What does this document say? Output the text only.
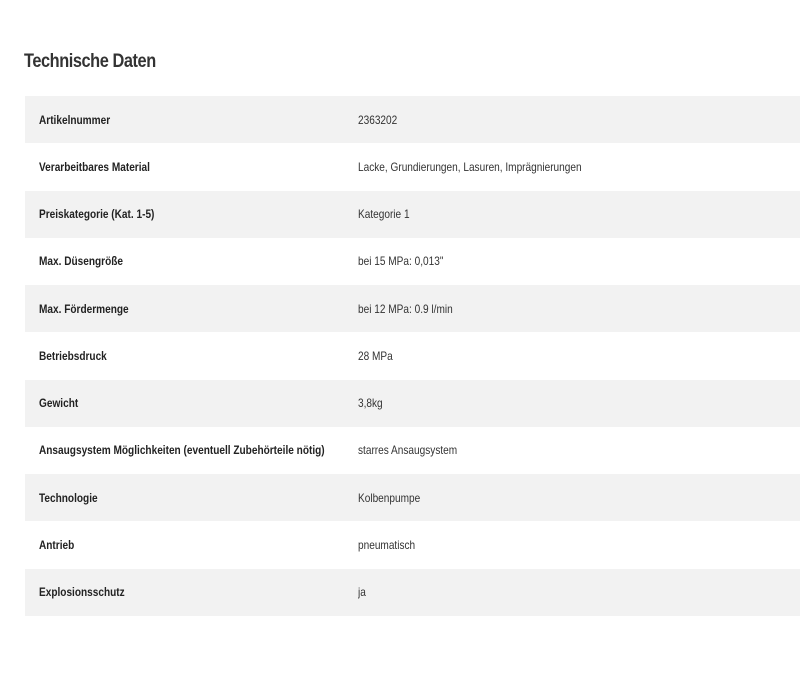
Technische Daten
Artikelnummer	2363202
Verarbeitbares Material	Lacke, Grundierungen, Lasuren, Imprägnierungen
Preiskategorie (Kat. 1-5)	Kategorie 1
Max. Düsengröße	bei 15 MPa: 0,013"
Max. Fördermenge	bei 12 MPa: 0.9 l/min
Betriebsdruck	28 MPa
Gewicht	3,8kg
Ansaugsystem Möglichkeiten (eventuell Zubehörteile nötig)	starres Ansaugsystem
Technologie	Kolbenpumpe
Antrieb	pneumatisch
Explosionsschutz	ja
